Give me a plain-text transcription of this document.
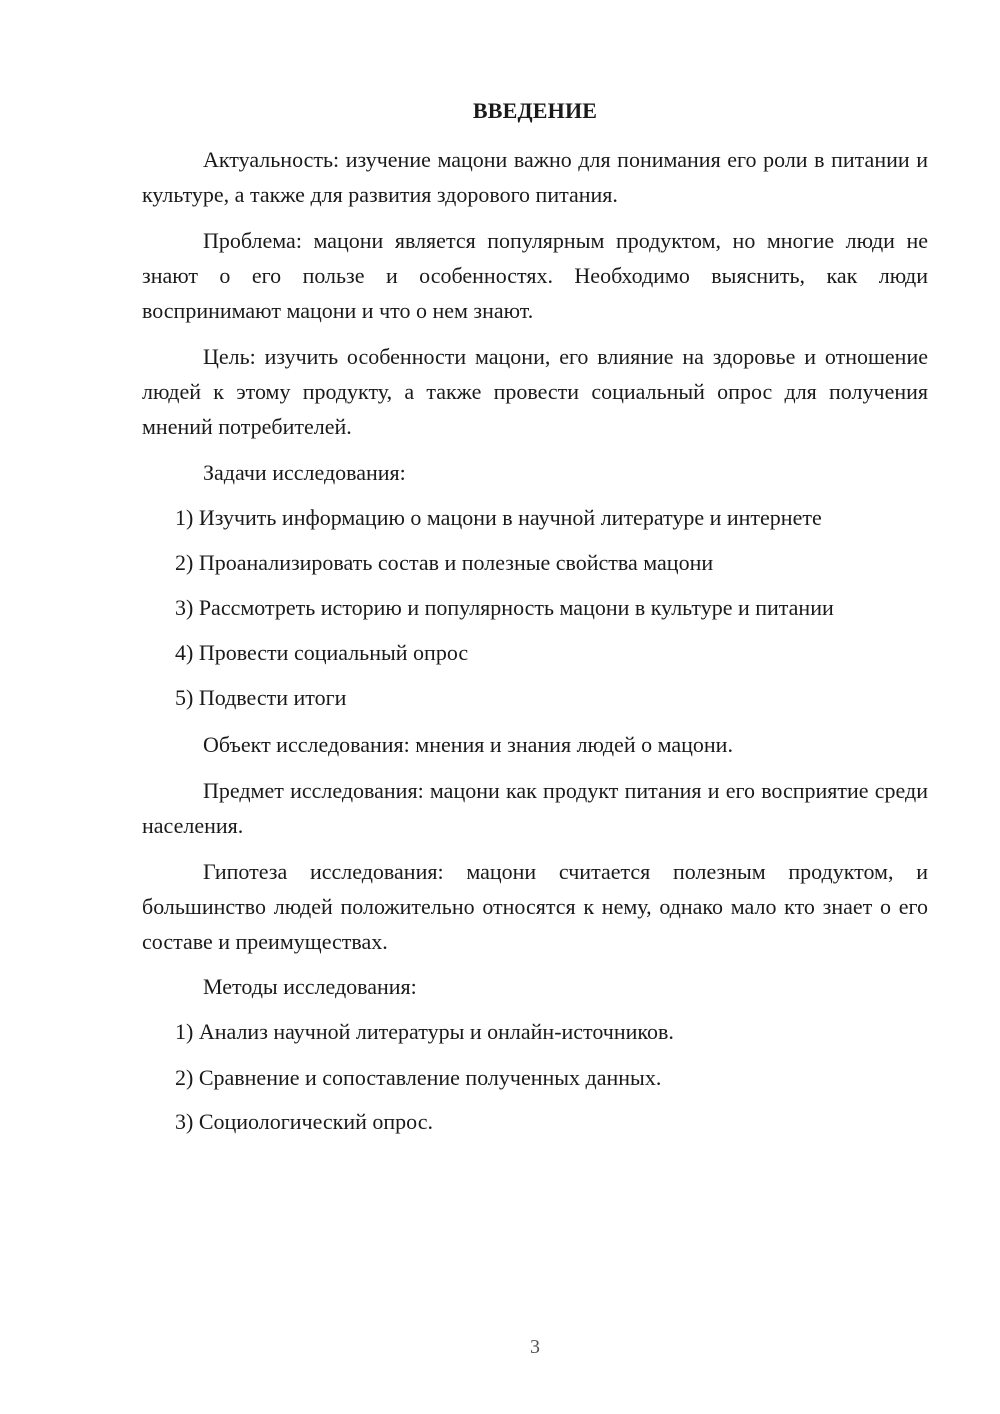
ВВЕДЕНИЕ

Актуальность: изучение мацони важно для понимания его роли в питании и культуре, а также для развития здорового питания.

Проблема: мацони является популярным продуктом, но многие люди не знают о его пользе и особенностях. Необходимо выяснить, как люди воспринимают мацони и что о нем знают.

Цель: изучить особенности мацони, его влияние на здоровье и отношение людей к этому продукту, а также провести социальный опрос для получения мнений потребителей.

Задачи исследования:

1) Изучить информацию о мацони в научной литературе и интернете

2) Проанализировать состав и полезные свойства мацони

3) Рассмотреть историю и популярность мацони в культуре и питании

4) Провести социальный опрос

5) Подвести итоги

Объект исследования: мнения и знания людей о мацони.

Предмет исследования: мацони как продукт питания и его восприятие среди населения.

Гипотеза исследования: мацони считается полезным продуктом, и большинство людей положительно относятся к нему, однако мало кто знает о его составе и преимуществах.

Методы исследования:

1) Анализ научной литературы и онлайн-источников.

2) Сравнение и сопоставление полученных данных.

3) Социологический опрос.

3
